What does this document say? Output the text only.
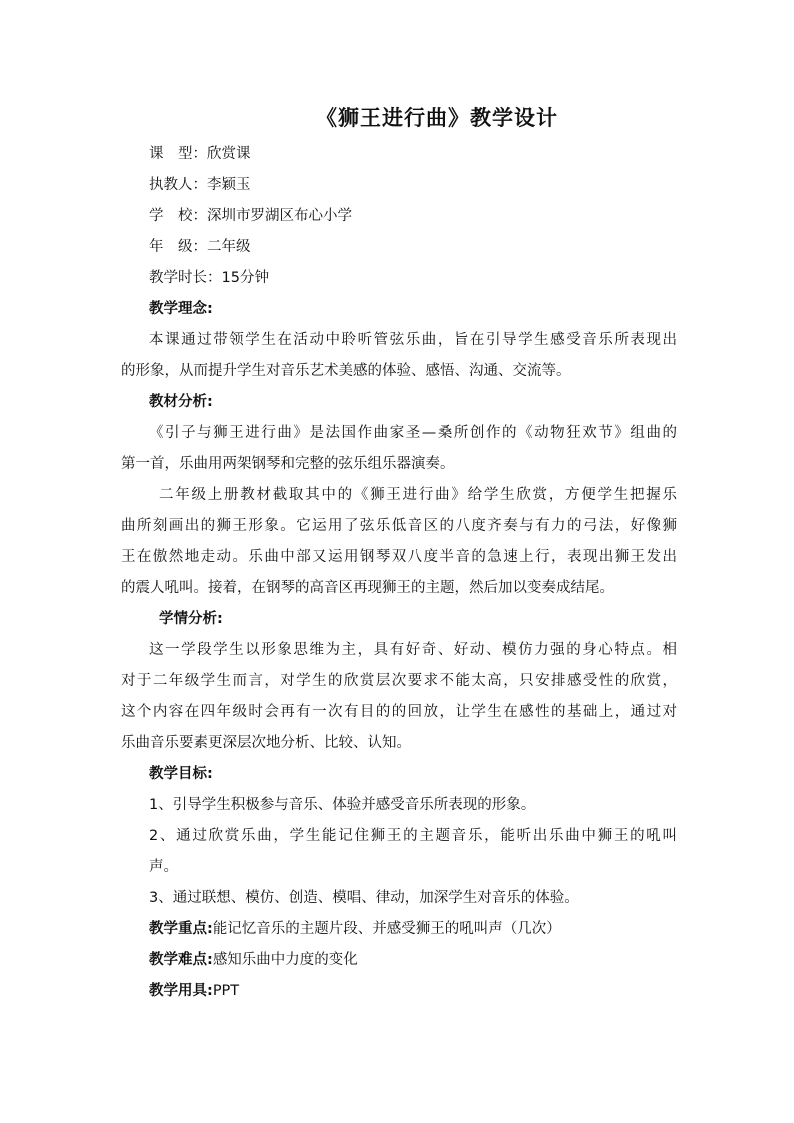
《狮王进行曲》教学设计
课　型：欣赏课
执教人：李颖玉
学　校：深圳市罗湖区布心小学
年　级：二年级
教学时长：15分钟
教学理念:
本课通过带领学生在活动中聆听管弦乐曲，旨在引导学生感受音乐所表现出
的形象，从而提升学生对音乐艺术美感的体验、感悟、沟通、交流等。
教材分析:
《引子与狮王进行曲》是法国作曲家圣—桑所创作的《动物狂欢节》组曲的
第一首，乐曲用两架钢琴和完整的弦乐组乐器演奏。
二年级上册教材截取其中的《狮王进行曲》给学生欣赏，方便学生把握乐
曲所刻画出的狮王形象。它运用了弦乐低音区的八度齐奏与有力的弓法，好像狮
王在傲然地走动。乐曲中部又运用钢琴双八度半音的急速上行，表现出狮王发出
的震人吼叫。接着，在钢琴的高音区再现狮王的主题，然后加以变奏成结尾。
学情分析:
这一学段学生以形象思维为主，具有好奇、好动、模仿力强的身心特点。相
对于二年级学生而言，对学生的欣赏层次要求不能太高，只安排感受性的欣赏，
这个内容在四年级时会再有一次有目的的回放，让学生在感性的基础上，通过对
乐曲音乐要素更深层次地分析、比较、认知。
教学目标:
1、引导学生积极参与音乐、体验并感受音乐所表现的形象。
2、通过欣赏乐曲，学生能记住狮王的主题音乐，能听出乐曲中狮王的吼叫
声。
3、通过联想、模仿、创造、模唱、律动，加深学生对音乐的体验。
教学重点:能记忆音乐的主题片段、并感受狮王的吼叫声（几次）
教学难点:感知乐曲中力度的变化
教学用具:PPT
